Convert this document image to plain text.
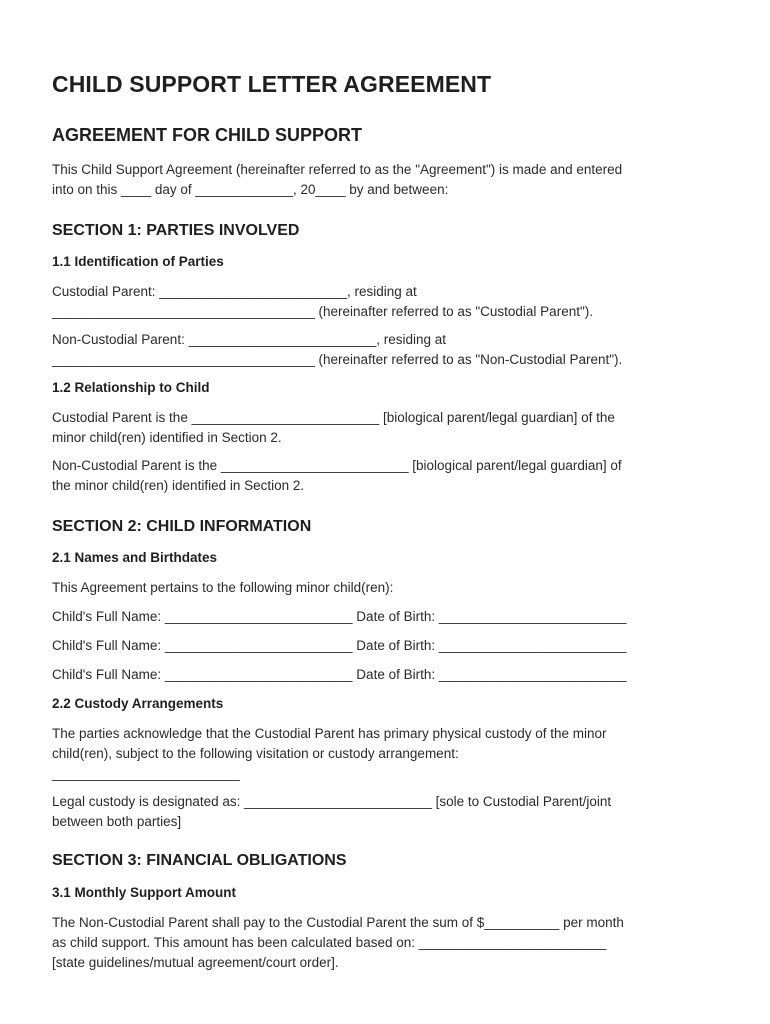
CHILD SUPPORT LETTER AGREEMENT
AGREEMENT FOR CHILD SUPPORT
This Child Support Agreement (hereinafter referred to as the "Agreement") is made and entered
into on this ____ day of _____________, 20____ by and between:
SECTION 1: PARTIES INVOLVED
1.1 Identification of Parties
Custodial Parent: _________________________, residing at
___________________________________ (hereinafter referred to as "Custodial Parent").
Non-Custodial Parent: _________________________, residing at
___________________________________ (hereinafter referred to as "Non-Custodial Parent").
1.2 Relationship to Child
Custodial Parent is the _________________________ [biological parent/legal guardian] of the
minor child(ren) identified in Section 2.
Non-Custodial Parent is the _________________________ [biological parent/legal guardian] of
the minor child(ren) identified in Section 2.
SECTION 2: CHILD INFORMATION
2.1 Names and Birthdates
This Agreement pertains to the following minor child(ren):
Child's Full Name: _________________________ Date of Birth: _________________________
Child's Full Name: _________________________ Date of Birth: _________________________
Child's Full Name: _________________________ Date of Birth: _________________________
2.2 Custody Arrangements
The parties acknowledge that the Custodial Parent has primary physical custody of the minor
child(ren), subject to the following visitation or custody arrangement:
_________________________
Legal custody is designated as: _________________________ [sole to Custodial Parent/joint
between both parties]
SECTION 3: FINANCIAL OBLIGATIONS
3.1 Monthly Support Amount
The Non-Custodial Parent shall pay to the Custodial Parent the sum of $__________ per month
as child support. This amount has been calculated based on: _________________________
[state guidelines/mutual agreement/court order].
